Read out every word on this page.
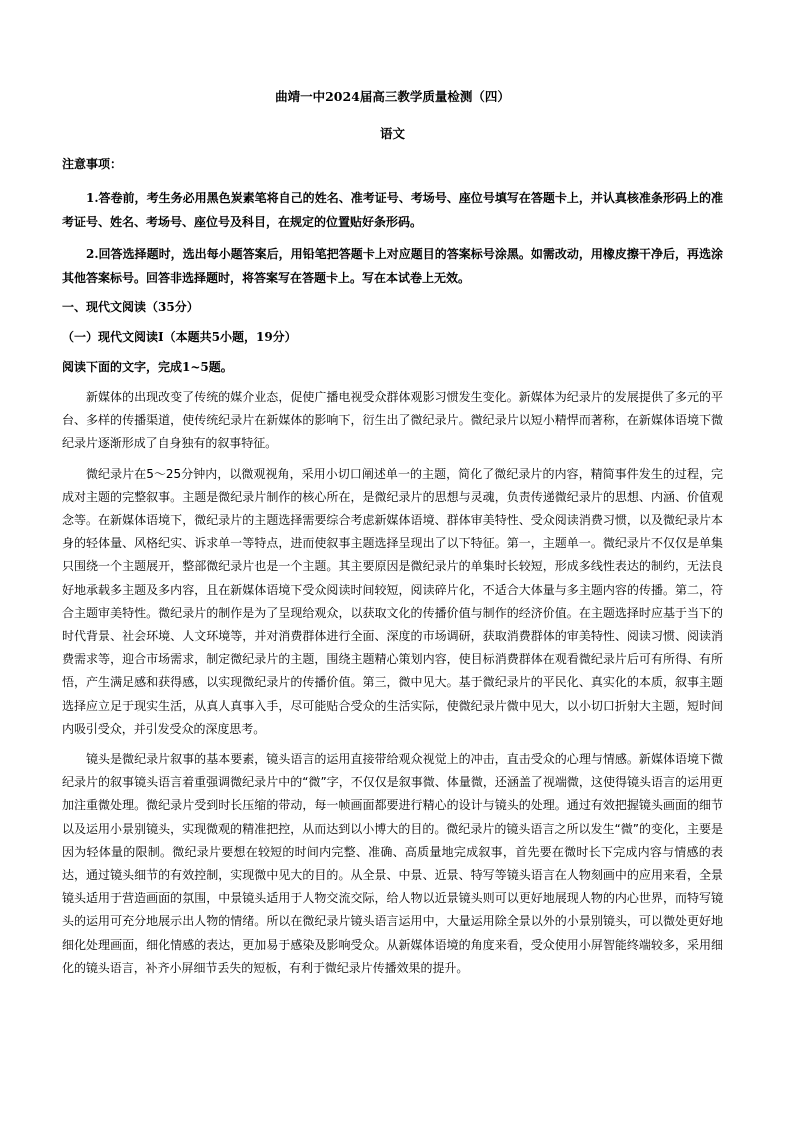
曲靖一中2024届高三教学质量检测（四）
语文
注意事项：

1.答卷前，考生务必用黑色炭素笔将自己的姓名、准考证号、考场号、座位号填写在答题卡上，并认真核准条形码上的准考证号、姓名、考场号、座位号及科目，在规定的位置贴好条形码。

2.回答选择题时，选出每小题答案后，用铅笔把答题卡上对应题目的答案标号涂黑。如需改动，用橡皮擦干净后，再选涂其他答案标号。回答非选择题时，将答案写在答题卡上。写在本试卷上无效。

一、现代文阅读（35分）
（一）现代文阅读Ⅰ（本题共5小题，19分）
阅读下面的文字，完成1~5题。

新媒体的出现改变了传统的媒介业态，促使广播电视受众群体观影习惯发生变化。新媒体为纪录片的发展提供了多元的平台、多样的传播渠道，使传统纪录片在新媒体的影响下，衍生出了微纪录片。微纪录片以短小精悍而著称，在新媒体语境下微纪录片逐渐形成了自身独有的叙事特征。

微纪录片在5～25分钟内，以微观视角，采用小切口阐述单一的主题，简化了微纪录片的内容，精简事件发生的过程，完成对主题的完整叙事。主题是微纪录片制作的核心所在，是微纪录片的思想与灵魂，负责传递微纪录片的思想、内涵、价值观念等。在新媒体语境下，微纪录片的主题选择需要综合考虑新媒体语境、群体审美特性、受众阅读消费习惯，以及微纪录片本身的轻体量、风格纪实、诉求单一等特点，进而使叙事主题选择呈现出了以下特征。第一，主题单一。微纪录片不仅仅是单集只围绕一个主题展开，整部微纪录片也是一个主题。其主要原因是微纪录片的单集时长较短，形成多线性表达的制约，无法良好地承载多主题及多内容，且在新媒体语境下受众阅读时间较短，阅读碎片化，不适合大体量与多主题内容的传播。第二，符合主题审美特性。微纪录片的制作是为了呈现给观众，以获取文化的传播价值与制作的经济价值。在主题选择时应基于当下的时代背景、社会环境、人文环境等，并对消费群体进行全面、深度的市场调研，获取消费群体的审美特性、阅读习惯、阅读消费需求等，迎合市场需求，制定微纪录片的主题，围绕主题精心策划内容，使目标消费群体在观看微纪录片后可有所得、有所悟，产生满足感和获得感，以实现微纪录片的传播价值。第三，微中见大。基于微纪录片的平民化、真实化的本质，叙事主题选择应立足于现实生活，从真人真事入手，尽可能贴合受众的生活实际，使微纪录片微中见大，以小切口折射大主题，短时间内吸引受众，并引发受众的深度思考。

镜头是微纪录片叙事的基本要素，镜头语言的运用直接带给观众视觉上的冲击，直击受众的心理与情感。新媒体语境下微纪录片的叙事镜头语言着重强调微纪录片中的“微”字，不仅仅是叙事微、体量微，还涵盖了视端微，这使得镜头语言的运用更加注重微处理。微纪录片受到时长压缩的带动，每一帧画面都要进行精心的设计与镜头的处理。通过有效把握镜头画面的细节以及运用小景别镜头，实现微观的精准把控，从而达到以小博大的目的。微纪录片的镜头语言之所以发生“微”的变化，主要是因为轻体量的限制。微纪录片要想在较短的时间内完整、准确、高质量地完成叙事，首先要在微时长下完成内容与情感的表达，通过镜头细节的有效控制，实现微中见大的目的。从全景、中景、近景、特写等镜头语言在人物刻画中的应用来看，全景镜头适用于营造画面的氛围，中景镜头适用于人物交流交际，给人物以近景镜头则可以更好地展现人物的内心世界，而特写镜头的运用可充分地展示出人物的情绪。所以在微纪录片镜头语言运用中，大量运用除全景以外的小景别镜头，可以微处更好地细化处理画面，细化情感的表达，更加易于感染及影响受众。从新媒体语境的角度来看，受众使用小屏智能终端较多，采用细化的镜头语言，补齐小屏细节丢失的短板，有利于微纪录片传播效果的提升。
